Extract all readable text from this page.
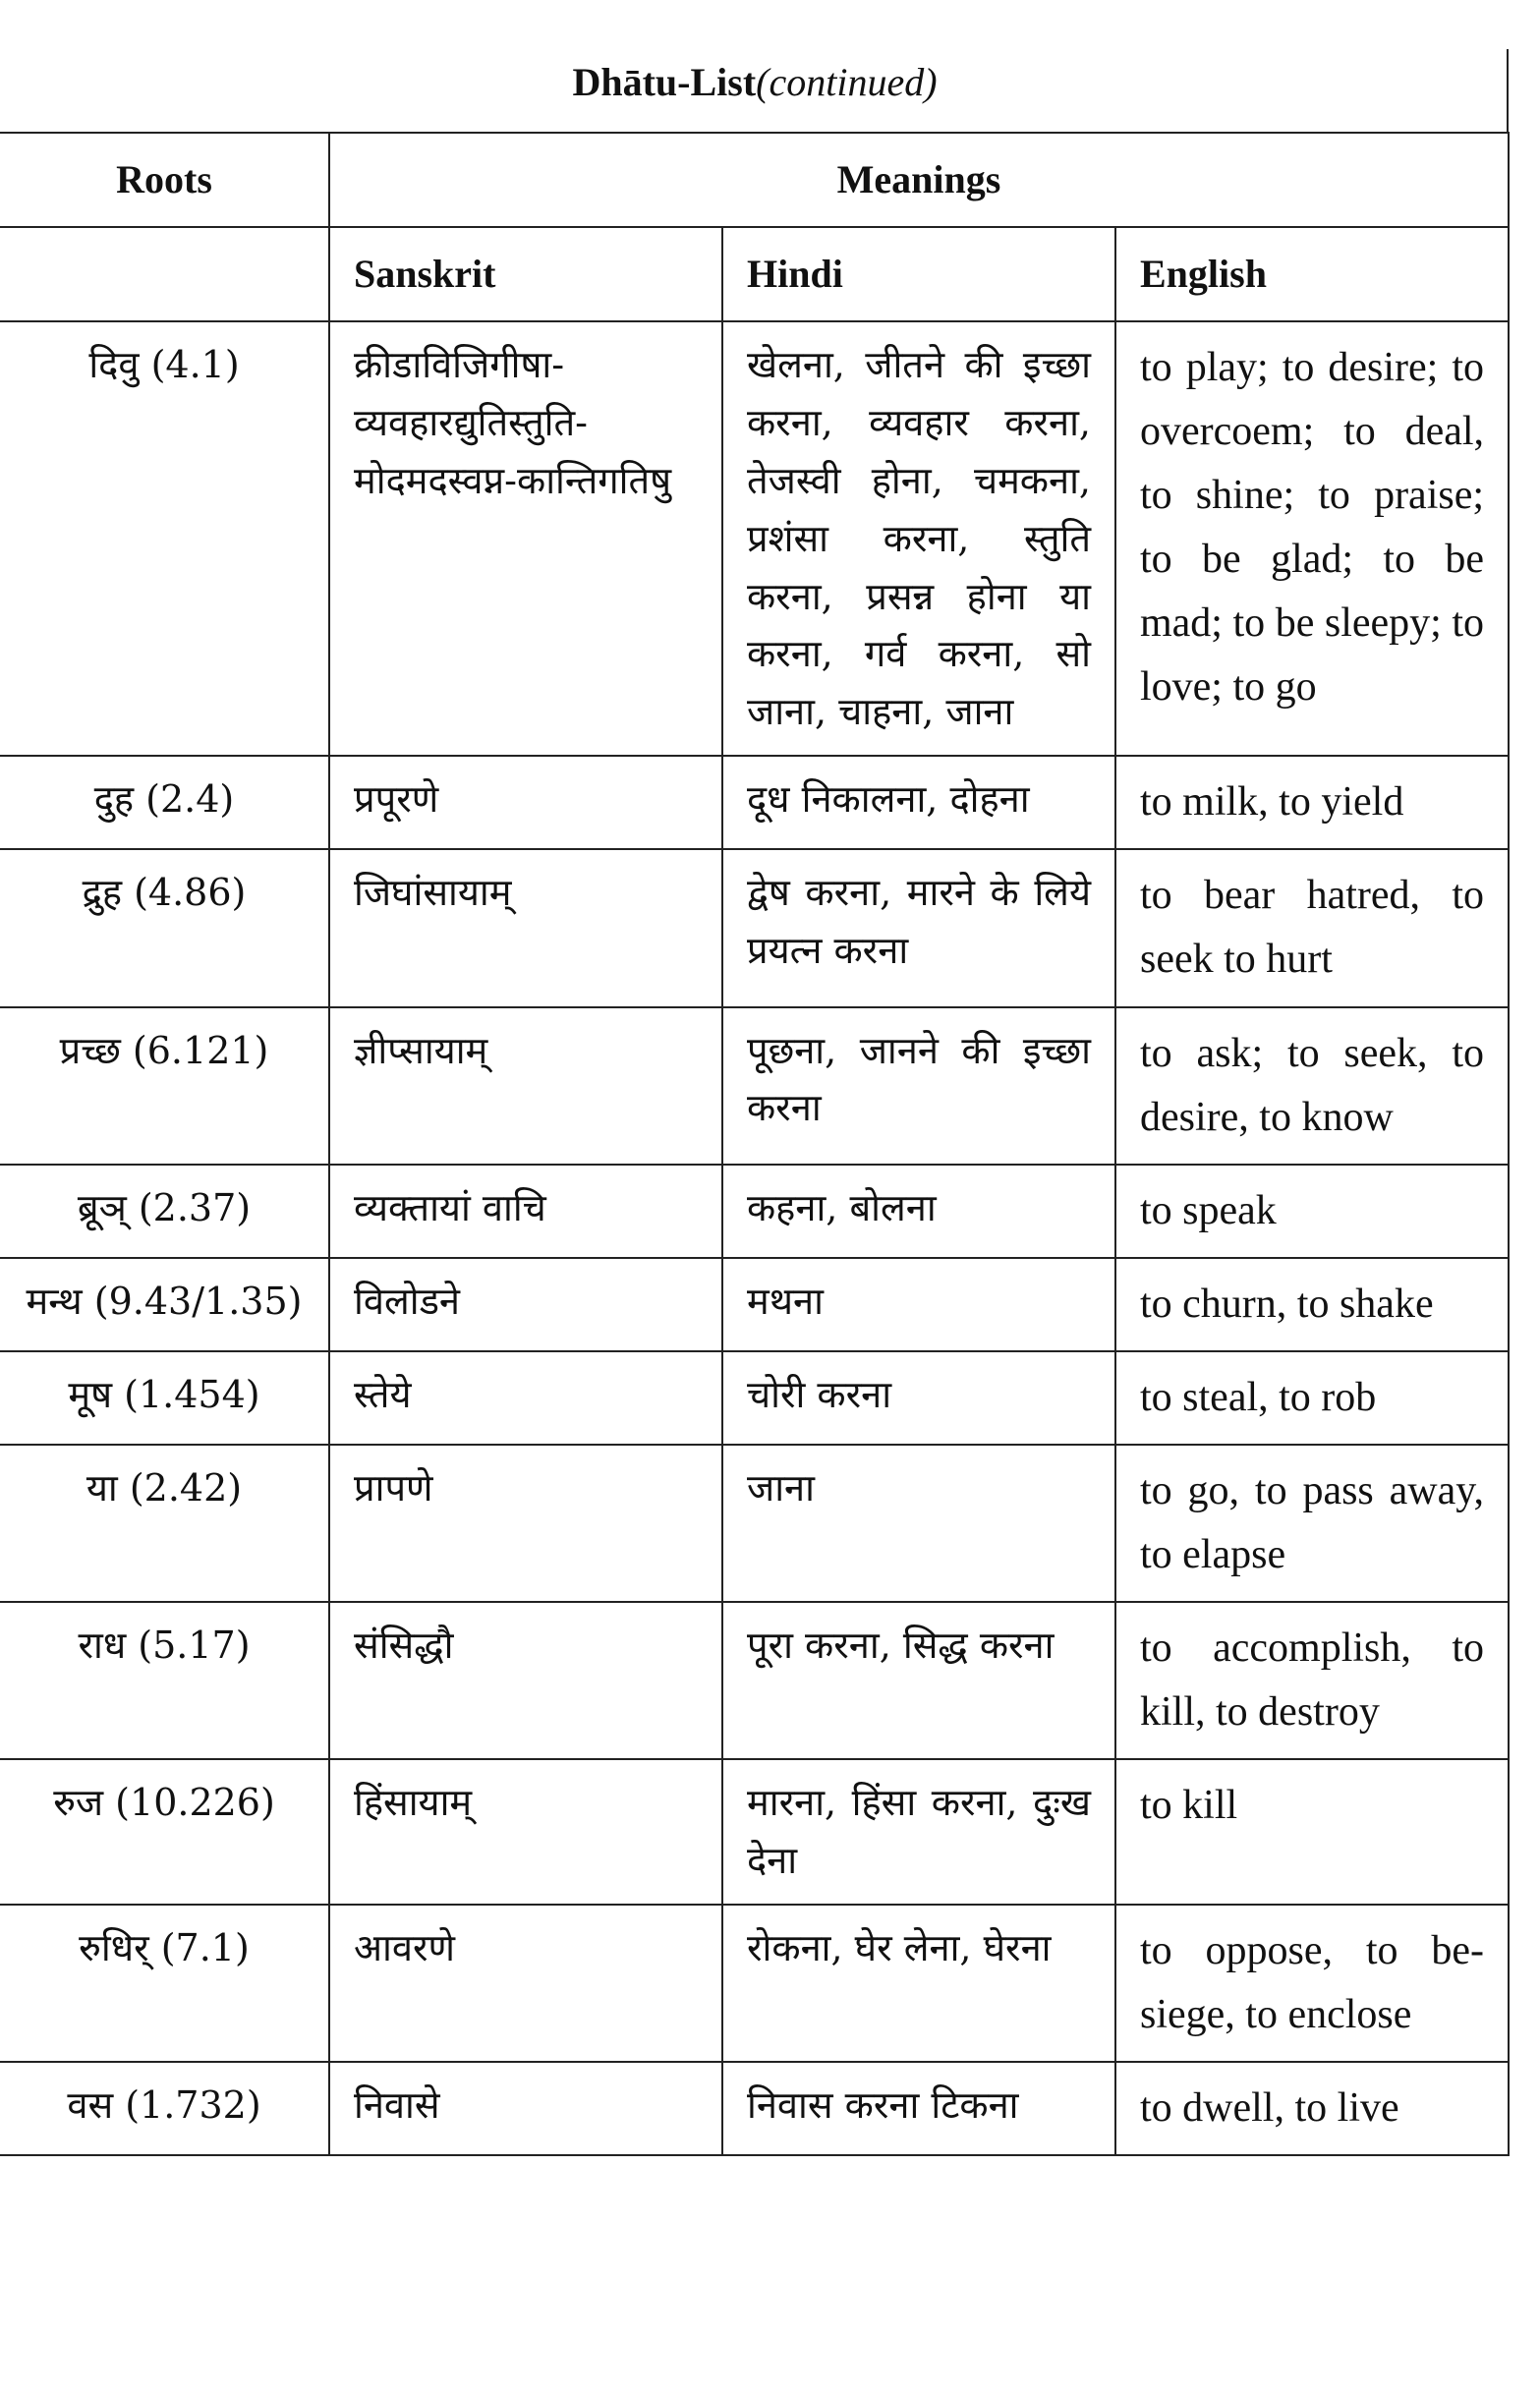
Dhātu-List(continued)
Roots	Meanings		
	Sanskrit	Hindi	English
दिवु (4.1)	क्रीडाविजिगीषा-व्यवहारद्युतिस्तुति-मोदमदस्वप्न-कान्तिगतिषु	खेलना, जीतने की इच्छा करना, व्यवहार करना, तेजस्वी होना, चमकना, प्रशंसा करना, स्तुति करना, प्रसन्न होना या करना, गर्व करना, सो जाना, चाहना, जाना	to play; to desire; to overcoem; to deal, to shine; to praise; to be glad; to be mad; to be sleepy; to love; to go
दुह (2.4)	प्रपूरणे	दूध निकालना, दोहना	to milk, to yield
द्रुह (4.86)	जिघांसायाम्	द्वेष करना, मारने के लिये प्रयत्न करना	to bear hatred, to seek to hurt
प्रच्छ (6.121)	ज्ञीप्सायाम्	पूछना, जानने की इच्छा करना	to ask; to seek, to desire, to know
ब्रूञ् (2.37)	व्यक्तायां वाचि	कहना, बोलना	to speak
मन्थ (9.43/1.35)	विलोडने	मथना	to churn, to shake
मूष (1.454)	स्तेये	चोरी करना	to steal, to rob
या (2.42)	प्रापणे	जाना	to go, to pass away, to elapse
राध (5.17)	संसिद्धौ	पूरा करना, सिद्ध करना	to accomplish, to kill, to destroy
रुज (10.226)	हिंसायाम्	मारना, हिंसा करना, दुःख देना	to kill
रुधिर् (7.1)	आवरणे	रोकना, घेर लेना, घेरना	to oppose, to be-siege, to enclose
वस (1.732)	निवासे	निवास करना टिकना	to dwell, to live
